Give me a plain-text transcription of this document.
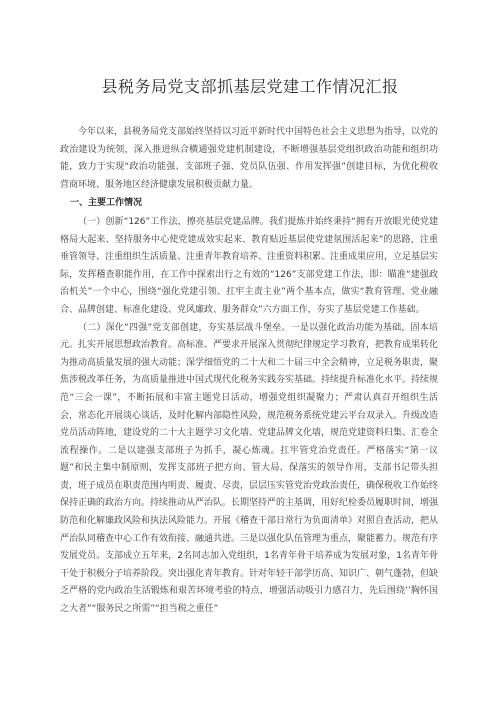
县税务局党支部抓基层党建工作情况汇报

今年以来，县税务局党支部始终坚持以习近平新时代中国特色社会主义思想为指导，以党的政治建设为统领，深入推进纵合横通强党建机制建设，不断增强基层党组织政治功能和组织功能，致力于实现“政治功能强、支部班子强、党员队伍强、作用发挥强”创建目标，为优化税收营商环境、服务地区经济健康发展积极贡献力量。

一、主要工作情况

（一）创新“126”工作法，擦亮基层党建品牌。我们提炼并始终秉持“拥有开放眼光使党建格局大起来、坚持服务中心使党建成效实起来、教育贴近基层使党建氛围活起来”的思路，注重垂管领导、注重组织生活质量、注重青年教育培养、注重资料积累、注重成果应用，立足基层实际，发挥稽查职能作用，在工作中探索出行之有效的“126”支部党建工作法，即：瞄准“建强政治机关”一个中心，围绕“强化党建引领、扛牢主责主业”两个基本点，做实“教育管理、党业融合、品牌创建、标准化建设、党风廉政、服务群众”六方面工作，夯实了基层党建工作基础。

（二）深化“四强”党支部创建，夯实基层战斗堡垒。一是以强化政治功能为基础，固本培元。扎实开展思想政治教育。高标准、严要求开展深入贯彻纪律规定学习教育，把教育成果转化为推动高质量发展的强大动能；深学细悟党的二十大和二十届三中全会精神，立足税务职责，聚焦涉税改革任务，为高质量推进中国式现代化税务实践夯实基础。持续提升标准化水平。持续规范“三会一课”，不断拓展和丰富主题党日活动，增强党组织凝聚力；严肃认真召开组织生活会，常态化开展谈心谈话，及时化解内部隐性风险，规范税务系统党建云平台双录入。升级改造党员活动阵地，建设党的二十大主题学习文化墙、党建品牌文化墙，规范党建资料归集、汇卷全流程操作。二是以建强支部班子为抓手，凝心炼魂。扛牢管党治党责任。严格落实“第一议题”和民主集中制原则，发挥支部班子把方向、管大局、保落实的领导作用，支部书记带头担责，班子成员在职责范围内明责、履责、尽责，层层压实管党治党政治责任，确保税收工作始终保持正确的政治方向。持续推动从严治队。长期坚持严的主基调，用好纪检委员履职时间，增强防范和化解廉政风险和执法风险能力。开展《稽查干部日常行为负面清单》对照自查活动，把从严治队同稽查中心工作有效衔接、融通共进。三是以强化队伍管理为重点，聚能蓄力。规范有序发展党员。支部成立五年来，2名同志加入党组织，1名青年骨干培养成为发展对象，1名青年骨干处于积极分子培养阶段。突出强化青年教育。针对年轻干部学历高、知识广、朝气蓬勃，但缺乏严格的党内政治生活锻炼和艰苦环境考验的特点，增强活动吸引力感召力，先后围绕’’胸怀国之大者”“服务民之所需”“担当税之重任”
